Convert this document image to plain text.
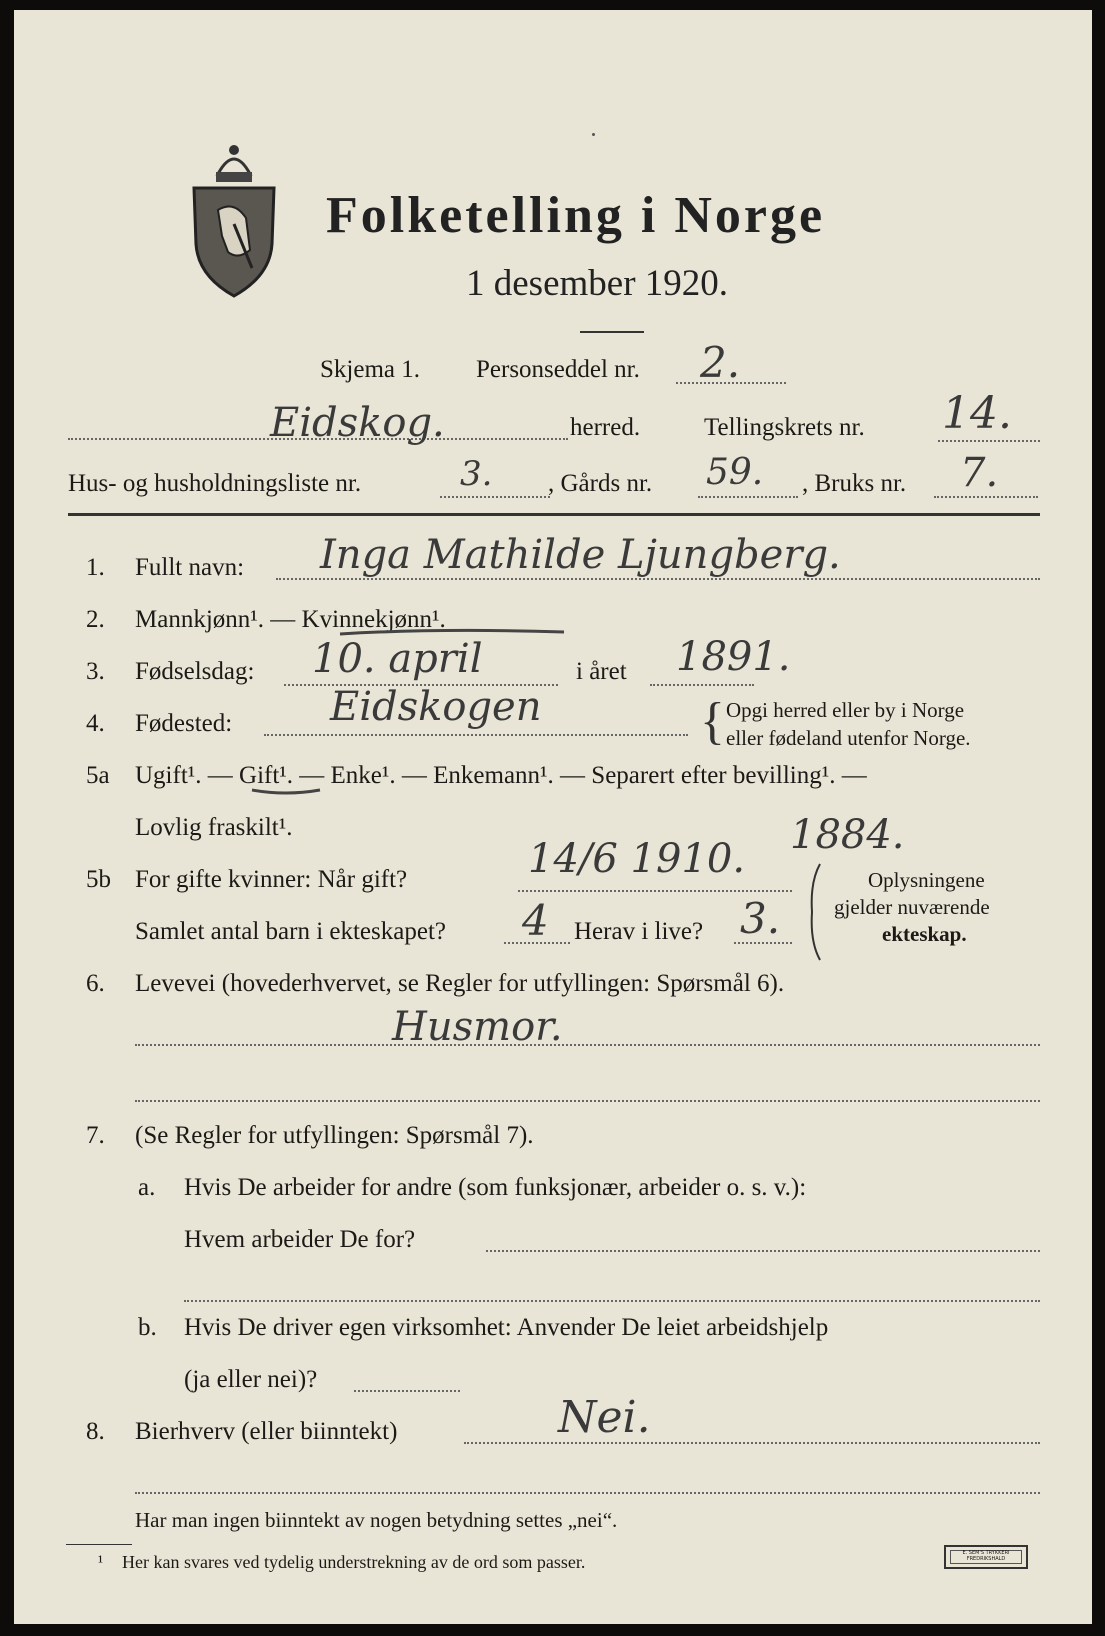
Folketelling i Norge
1 desember 1920.
Skjema 1. Personseddel nr. 2.
Eidskog.	herred.	Tellingskrets nr. 14.
Hus- og husholdningsliste nr.	3. , Gårds nr. 59. , Bruks nr. 7.
1. Fullt navn: Inga Mathilde Ljungberg.
2. Mannkjønn¹. — Kvinnekjønn¹.
3. Fødselsdag: 10. april	i året 1891.
4. Fødested: Eidskogen	{ Opgi herred eller by i Norge
eller fødeland utenfor Norge.
5a Ugift¹. — Gift¹. — Enke¹. — Enkemann¹. — Separert efter bevilling¹. —
Lovlig fraskilt¹.
5b For gifte kvinner: Når gift?	14/6 1910.
1884.
Samlet antal barn i ekteskapet? 4 Herav i live? 3.
Oplysningene
gjelder nuværende
ekteskap.
6. Levevei (hovederhvervet, se Regler for utfyllingen: Spørsmål 6).
Husmor.
7. (Se Regler for utfyllingen: Spørsmål 7).
a. Hvis De arbeider for andre (som funksjonær, arbeider o. s. v.):
Hvem arbeider De for?
b. Hvis De driver egen virksomhet: Anvender De leiet arbeidshjelp
(ja eller nei)?
8. Bierhverv (eller biinntekt)	Nei.
Har man ingen biinntekt av nogen betydning settes „nei“.
¹ Her kan svares ved tydelig understrekning av de ord som passer.	E. SEM'S TRYKKERI FREDRIKSHALD
